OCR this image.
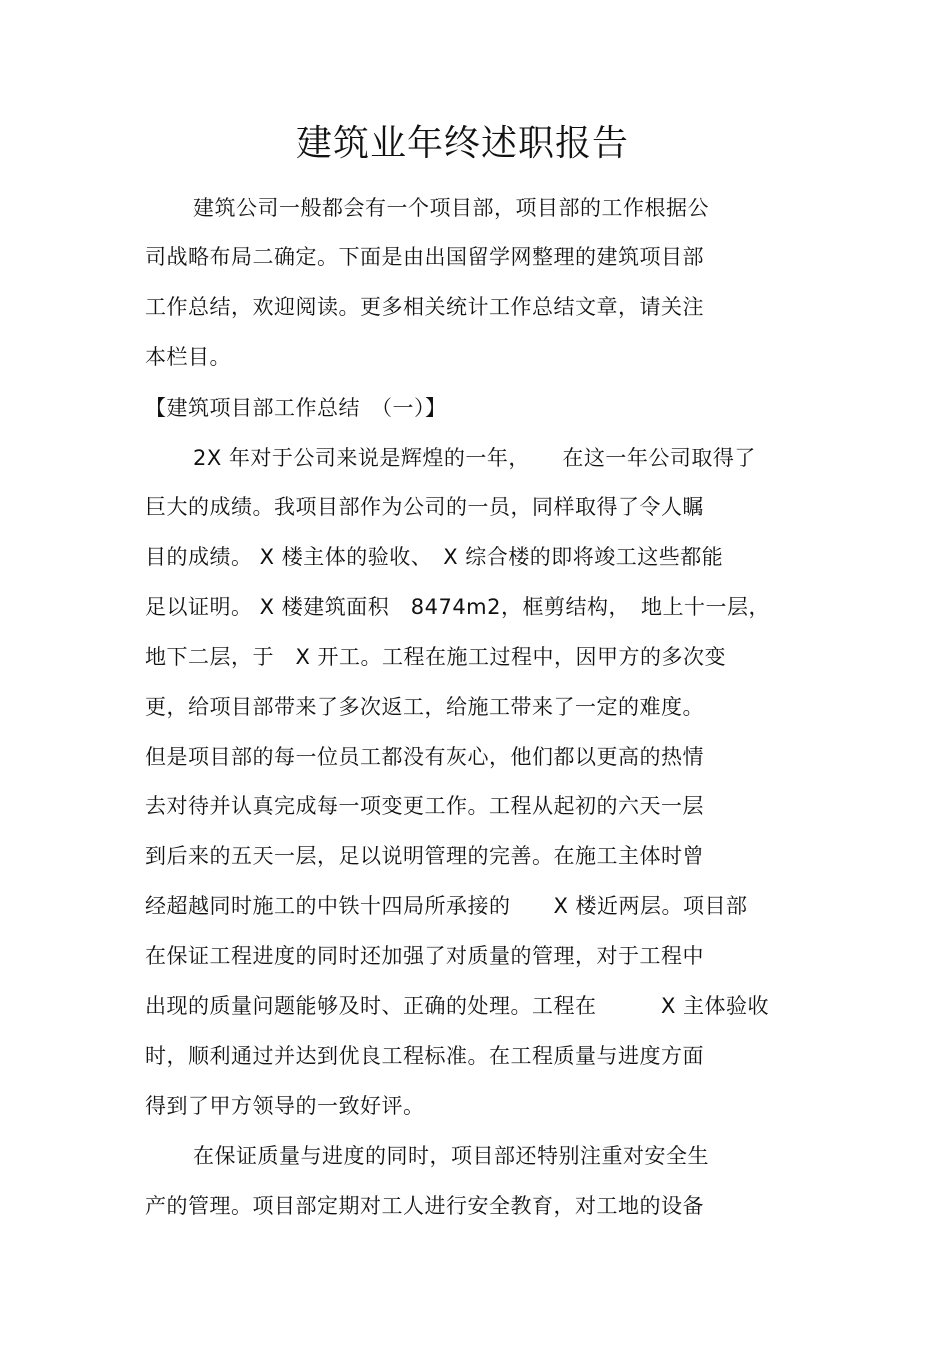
建筑业年终述职报告

建筑公司一般都会有一个项目部，项目部的工作根据公

司战略布局二确定。下面是由出国留学网整理的建筑项目部

工作总结，欢迎阅读。更多相关统计工作总结文章，请关注

本栏目。

【建筑项目部工作总结　（一）】

2X 年对于公司来说是辉煌的一年，　　在这一年公司取得了

巨大的成绩。我项目部作为公司的一员，同样取得了令人瞩

目的成绩。 X 楼主体的验收、　X 综合楼的即将竣工这些都能

足以证明。 X 楼建筑面积　8474m2，框剪结构，　地上十一层，

地下二层，于　X 开工。工程在施工过程中，因甲方的多次变

更，给项目部带来了多次返工，给施工带来了一定的难度。

但是项目部的每一位员工都没有灰心，他们都以更高的热情

去对待并认真完成每一项变更工作。工程从起初的六天一层

到后来的五天一层，足以说明管理的完善。在施工主体时曾

经超越同时施工的中铁十四局所承接的　　X 楼近两层。项目部

在保证工程进度的同时还加强了对质量的管理，对于工程中

出现的质量问题能够及时、正确的处理。工程在　　　X 主体验收

时，顺利通过并达到优良工程标准。在工程质量与进度方面

得到了甲方领导的一致好评。

在保证质量与进度的同时，项目部还特别注重对安全生

产的管理。项目部定期对工人进行安全教育，对工地的设备
